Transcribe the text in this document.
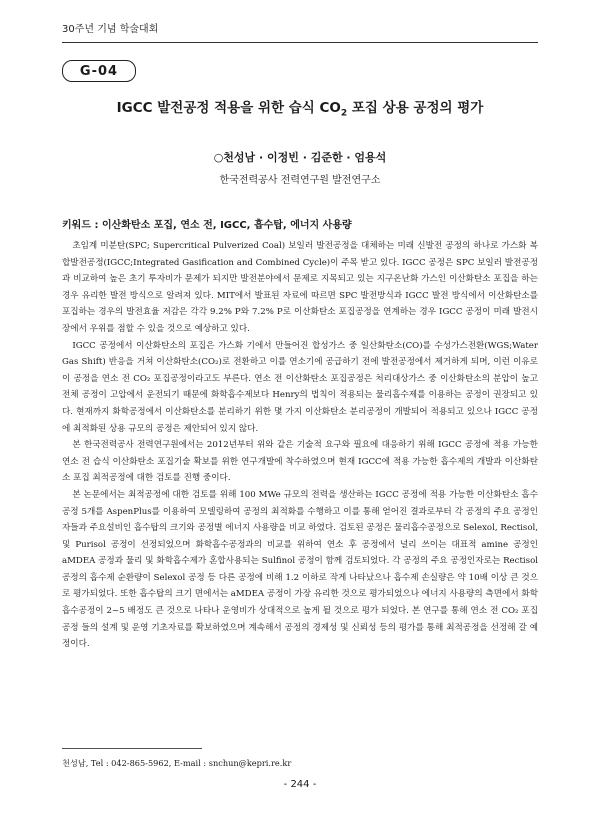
30주년 기념 학술대회
G-04
IGCC 발전공정 적용을 위한 습식 $CO_2$ 포집 상용 공정의 평가
○천성남 · 이정빈 · 김준한 · 엄용석
한국전력공사 전력연구원 발전연구소
키워드 : 이산화탄소 포집, 연소 전, IGCC, 흡수탑, 에너지 사용량

초임계 미분탄(SPC; Supercritical Pulverized Coal) 보일러 발전공정을 대체하는 미래 신발전 공정의 하나로 가스화 복합발전공정(IGCC;Integrated Gasification and Combined Cycle)이 주목 받고 있다. IGCC 공정은 SPC 보일러 발전공정과 비교하여 높은 초기 투자비가 문제가 되지만 발전분야에서 문제로 지목되고 있는 지구온난화 가스인 이산화탄소 포집을 하는 경우 유리한 발전 방식으로 알려져 있다. MIT에서 발표된 자료에 따르면 SPC 발전방식과 IGCC 발전 방식에서 이산화탄소를 포집하는 경우의 발전효율 저감은 각각 9.2% P와 7.2% P로 이산화탄소 포집공정을 연계하는 경우 IGCC 공정이 미래 발전시장에서 우위를 점할 수 있을 것으로 예상하고 있다.

IGCC 공정에서 이산화탄소의 포집은 가스화 기에서 만들어진 합성가스 중 일산화탄소(CO)를 수성가스전환(WGS;Water Gas Shift) 반응을 거쳐 이산화탄소(CO₂)로 전환하고 이를 연소기에 공급하기 전에 발전공정에서 제거하게 되며, 이런 이유로 이 공정을 연소 전 CO₂ 포집공정이라고도 부른다. 연소 전 이산화탄소 포집공정은 처리대상가스 중 이산화탄소의 분압이 높고 전체 공정이 고압에서 운전되기 때문에 화학흡수제보다 Henry의 법칙이 적용되는 물리흡수제를 이용하는 공정이 권장되고 있다. 현재까지 화학공정에서 이산화탄소를 분리하기 위한 몇 가지 이산화탄소 분리공정이 개발되어 적용되고 있으나 IGCC 공정에 최적화된 상용 규모의 공정은 제안되어 있지 않다.

본 한국전력공사 전력연구원에서는 2012년부터 위와 같은 기술적 요구와 필요에 대응하기 위해 IGCC 공정에 적용 가능한 연소 전 습식 이산화탄소 포집기술 확보를 위한 연구개발에 착수하였으며 현재 IGCC에 적용 가능한 흡수제의 개발과 이산화탄소 포집 최적공정에 대한 검토를 진행 중이다.

본 논문에서는 최적공정에 대한 검토를 위해 100 MWe 규모의 전력을 생산하는 IGCC 공정에 적용 가능한 이산화탄소 흡수 공정 5개를 AspenPlus를 이용하여 모델링하여 공정의 최적화를 수행하고 이를 통해 얻어진 결과로부터 각 공정의 주요 공정인자들과 주요설비인 흡수탑의 크기와 공정별 에너지 사용량을 비교 하였다. 검토된 공정은 물리흡수공정으로 Selexol, Rectisol, 및 Purisol 공정이 선정되었으며 화학흡수공정과의 비교를 위하여 연소 후 공정에서 널리 쓰이는 대표적 amine 공정인 aMDEA 공정과 물리 및 화학흡수제가 혼합사용되는 Sulfinol 공정이 함께 검토되었다. 각 공정의 주요 공정인자로는 Rectisol 공정의 흡수제 순환량이 Selexol 공정 등 다른 공정에 비해 1.2 이하로 작게 나타났으나 흡수제 손실량은 약 10배 이상 큰 것으로 평가되었다. 또한 흡수탑의 크기 면에서는 aMDEA 공정이 가장 유리한 것으로 평가되었으나 에너지 사용량의 측면에서 화학흡수공정이 2~5 배정도 큰 것으로 나타나 운영비가 상대적으로 높게 될 것으로 평가 되었다. 본 연구를 통해 연소 전 CO₂ 포집공정 들의 설계 및 운영 기초자료를 확보하였으며 계속해서 공정의 경제성 및 신뢰성 등의 평가를 통해 최적공정을 선정해 갈 예정이다.

천성남, Tel : 042-865-5962, E-mail : snchun@kepri.re.kr
- 244 -
